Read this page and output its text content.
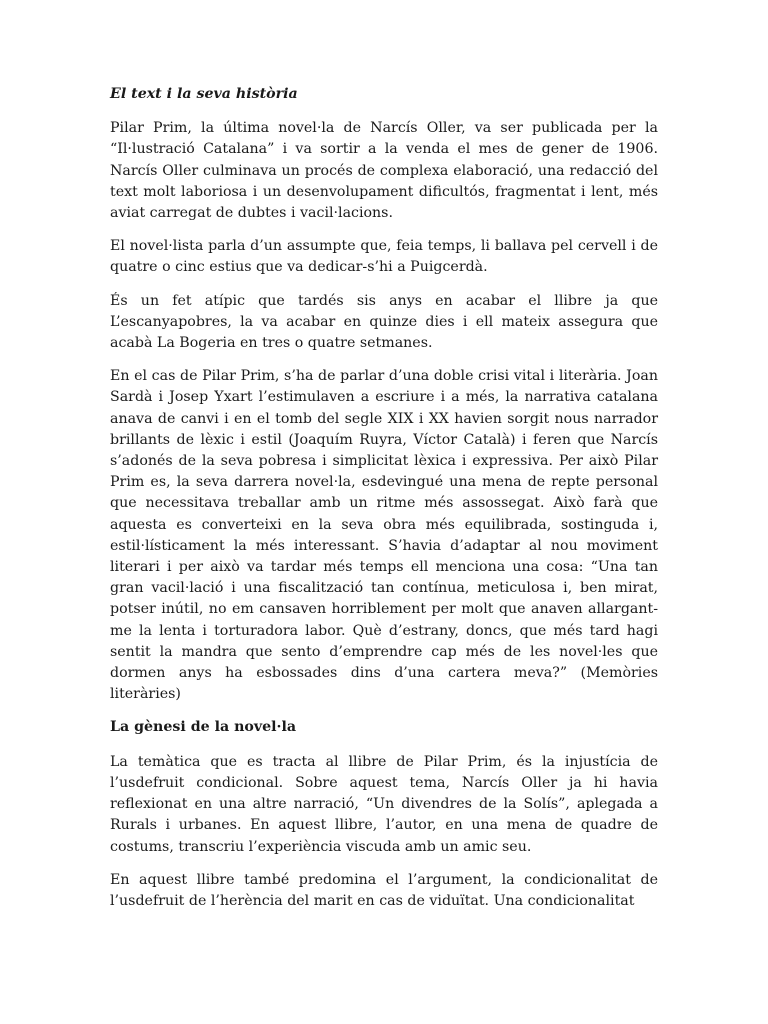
El text i la seva història

Pilar Prim, la última novel·la de Narcís Oller, va ser publicada per la “Il·lustració Catalana” i va sortir a la venda el mes de gener de 1906. Narcís Oller culminava un procés de complexa elaboració, una redacció del text molt laboriosa i un desenvolupament dificultós, fragmentat i lent, més aviat carregat de dubtes i vacil·lacions.

El novel·lista parla d’un assumpte que, feia temps, li ballava pel cervell i de quatre o cinc estius que va dedicar-s’hi a Puigcerdà.

És un fet atípic que tardés sis anys en acabar el llibre ja que L’escanyapobres, la va acabar en quinze dies i ell mateix assegura que acabà La Bogeria en tres o quatre setmanes.

En el cas de Pilar Prim, s’ha de parlar d’una doble crisi vital i literària. Joan Sardà i Josep Yxart l’estimulaven a escriure i a més, la narrativa catalana anava de canvi i en el tomb del segle XIX i XX havien sorgit nous narrador brillants de lèxic i estil (Joaquím Ruyra, Víctor Català) i feren que Narcís s’adonés de la seva pobresa i simplicitat lèxica i expressiva. Per això Pilar Prim es, la seva darrera novel·la, esdevingué una mena de repte personal que necessitava treballar amb un ritme més assossegat. Això farà que aquesta es converteixi en la seva obra més equilibrada, sostinguda i, estil·lísticament la més interessant. S’havia d’adaptar al nou moviment literari i per això va tardar més temps ell menciona una cosa: “Una tan gran vacil·lació i una fiscalització tan contínua, meticulosa i, ben mirat, potser inútil, no em cansaven horriblement per molt que anaven allargant-me la lenta i torturadora labor. Què d’estrany, doncs, que més tard hagi sentit la mandra que sento d’emprendre cap més de les novel·les que dormen anys ha esbossades dins d’una cartera meva?” (Memòries literàries)

La gènesi de la novel·la

La temàtica que es tracta al llibre de Pilar Prim, és la injustícia de l’usdefruit condicional. Sobre aquest tema, Narcís Oller ja hi havia reflexionat en una altre narració, “Un divendres de la Solís”, aplegada a Rurals i urbanes. En aquest llibre, l’autor, en una mena de quadre de costums, transcriu l’experiència viscuda amb un amic seu.

En aquest llibre també predomina el l’argument, la condicionalitat de l’usdefruit de l’herència del marit en cas de viduïtat. Una condicionalitat
